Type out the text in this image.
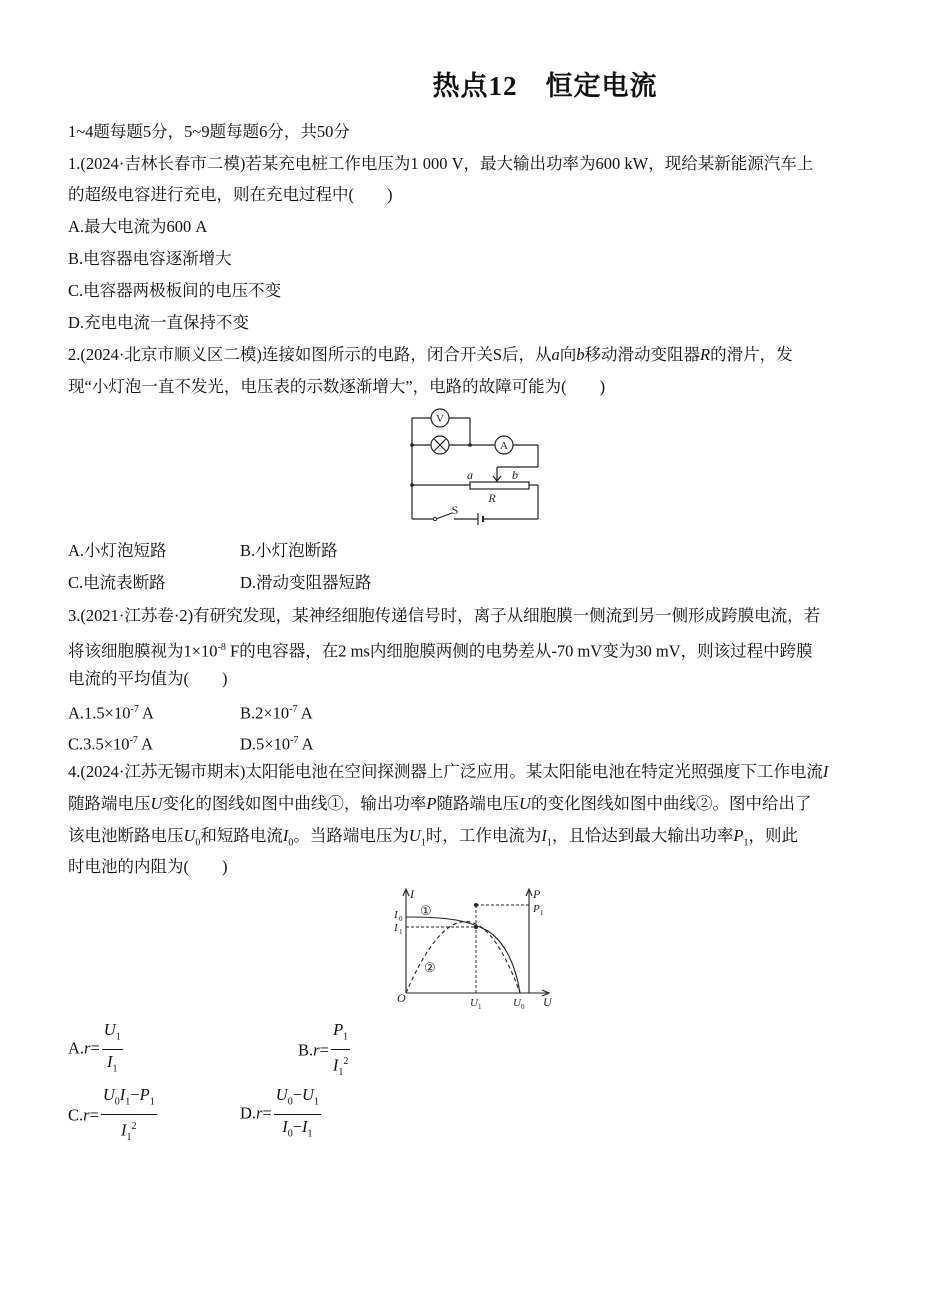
热点12　恒定电流
1~4题每题5分，5~9题每题6分，共50分
1.(2024·吉林长春市二模)若某充电桩工作电压为1 000 V，最大输出功率为600 kW，现给某新能源汽车上
的超级电容进行充电，则在充电过程中(　　)
A.最大电流为600 A
B.电容器电容逐渐增大
C.电容器两极板间的电压不变
D.充电电流一直保持不变
2.(2024·北京市顺义区二模)连接如图所示的电路，闭合开关S后，从a向b移动滑动变阻器R的滑片，发
现“小灯泡一直不发光，电压表的示数逐渐增大”，电路的故障可能为(　　)
V
A
a	b
R
S
A.小灯泡短路	B.小灯泡断路
C.电流表断路	D.滑动变阻器短路
3.(2021·江苏卷·2)有研究发现，某神经细胞传递信号时，离子从细胞膜一侧流到另一侧形成跨膜电流，若
将该细胞膜视为$1\times 10^{-8}$ F的电容器，在2 ms内细胞膜两侧的电势差从-70 mV变为30 mV，则该过程中跨膜
电流的平均值为(　　)
$A.1.5\times 10^{-7}$ A	$B.2\times 10^{-7}$ A
$C.3.5\times 10^{-7}$ A	$D.5\times 10^{-7}$ A
4.(2024·江苏无锡市期末)太阳能电池在空间探测器上广泛应用。某太阳能电池在特定光照强度下工作电流I
随路端电压U变化的图线如图中曲线①，输出功率P随路端电压U的变化图线如图中曲线②。图中给出了
该电池断路电压$U_0$和短路电流$I_0$。当路端电压为$U_1$时，工作电流为$I_1$，且恰达到最大输出功率$P_1$，则此
时电池的内阻为(　　)
I	P
U
O
I 0
I 1
P 1
U 1	U 0
①
②
$A.r= \frac{U_1}{I_1}$	$B.r= \frac{P_1}{I_1^2}$
$C.r= \frac{U_0I_1-P_1}{I_1^2}$	$D.r= \frac{U_0-U_1}{I_0-I_1}$
